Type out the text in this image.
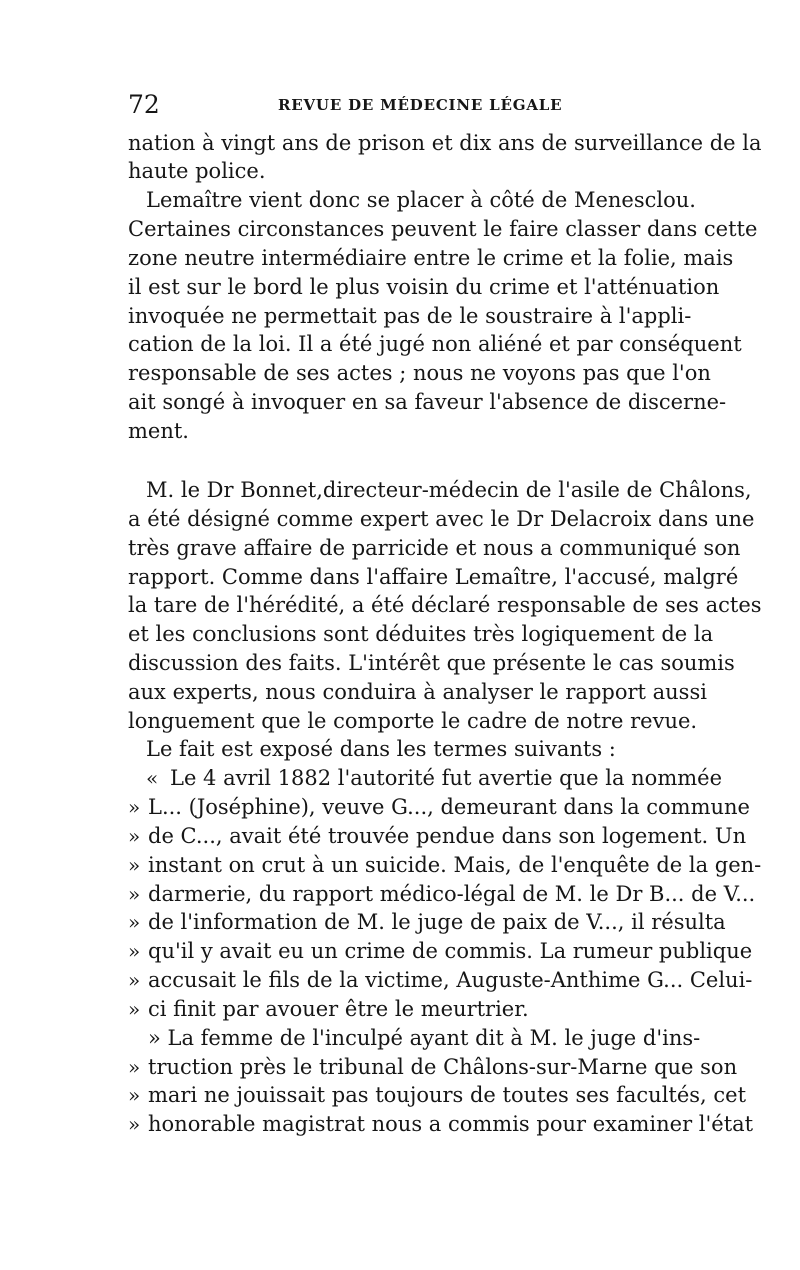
72	REVUE DE MÉDECINE LÉGALE
nation à vingt ans de prison et dix ans de surveillance de la
haute police.
Lemaître vient donc se placer à côté de Menesclou.
Certaines circonstances peuvent le faire classer dans cette
zone neutre intermédiaire entre le crime et la folie, mais
il est sur le bord le plus voisin du crime et l'atténuation
invoquée ne permettait pas de le soustraire à l'appli-
cation de la loi. Il a été jugé non aliéné et par conséquent
responsable de ses actes ; nous ne voyons pas que l'on
ait songé à invoquer en sa faveur l'absence de discerne-
ment.
M. le Dr Bonnet,directeur-médecin de l'asile de Châlons,
a été désigné comme expert avec le Dr Delacroix dans une
très grave affaire de parricide et nous a communiqué son
rapport. Comme dans l'affaire Lemaître, l'accusé, malgré
la tare de l'hérédité, a été déclaré responsable de ses actes
et les conclusions sont déduites très logiquement de la
discussion des faits. L'intérêt que présente le cas soumis
aux experts, nous conduira à analyser le rapport aussi
longuement que le comporte le cadre de notre revue.
Le fait est exposé dans les termes suivants :
« Le 4 avril 1882 l'autorité fut avertie que la nommée
» L... (Joséphine), veuve G..., demeurant dans la commune
» de C..., avait été trouvée pendue dans son logement. Un
» instant on crut à un suicide. Mais, de l'enquête de la gen-
» darmerie, du rapport médico-légal de M. le Dr B... de V...
» de l'information de M. le juge de paix de V..., il résulta
» qu'il y avait eu un crime de commis. La rumeur publique
» accusait le fils de la victime, Auguste-Anthime G... Celui-
» ci finit par avouer être le meurtrier.
» La femme de l'inculpé ayant dit à M. le juge d'ins-
» truction près le tribunal de Châlons-sur-Marne que son
» mari ne jouissait pas toujours de toutes ses facultés, cet
» honorable magistrat nous a commis pour examiner l'état
